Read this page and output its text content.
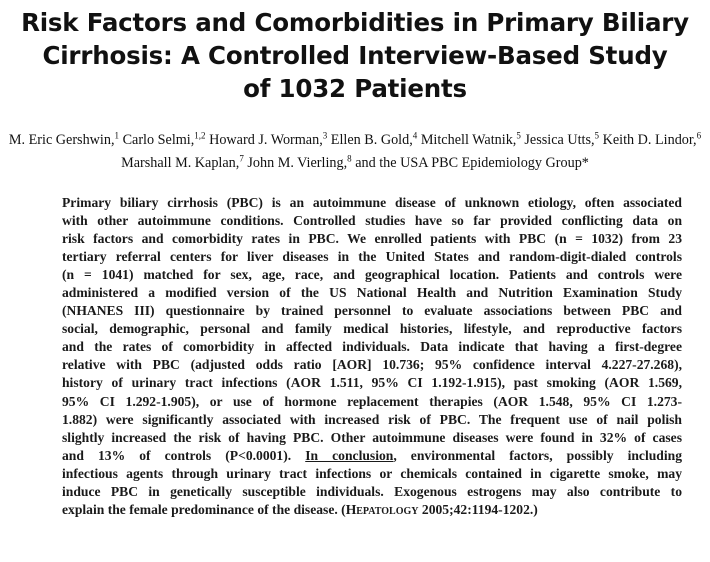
Risk Factors and Comorbidities in Primary Biliary
Cirrhosis: A Controlled Interview-Based Study
of 1032 Patients
M. Eric Gershwin,$^1$ Carlo Selmi,$^{1,2}$ Howard J. Worman,$^3$ Ellen B. Gold,$^4$ Mitchell Watnik,$^5$ Jessica Utts,$^5$ Keith D. Lindor,$^6$
Marshall M. Kaplan,$^7$ John M. Vierling,$^8$ and the USA PBC Epidemiology Group*
Primary biliary cirrhosis (PBC) is an autoimmune disease of unknown etiology, often associated
with other autoimmune conditions. Controlled studies have so far provided conflicting data on
risk factors and comorbidity rates in PBC. We enrolled patients with PBC (n = 1032) from 23
tertiary referral centers for liver diseases in the United States and random-digit-dialed controls
(n = 1041) matched for sex, age, race, and geographical location. Patients and controls were
administered a modified version of the US National Health and Nutrition Examination Study
(NHANES III) questionnaire by trained personnel to evaluate associations between PBC and
social, demographic, personal and family medical histories, lifestyle, and reproductive factors
and the rates of comorbidity in affected individuals. Data indicate that having a first-degree
relative with PBC (adjusted odds ratio [AOR] 10.736; 95% confidence interval 4.227-27.268),
history of urinary tract infections (AOR 1.511, 95% CI 1.192-1.915), past smoking (AOR 1.569,
95% CI 1.292-1.905), or use of hormone replacement therapies (AOR 1.548, 95% CI 1.273-
1.882) were significantly associated with increased risk of PBC. The frequent use of nail polish
slightly increased the risk of having PBC. Other autoimmune diseases were found in 32% of cases
and 13% of controls (P<0.0001). In conclusion, environmental factors, possibly including
infectious agents through urinary tract infections or chemicals contained in cigarette smoke, may
induce PBC in genetically susceptible individuals. Exogenous estrogens may also contribute to
explain the female predominance of the disease. (Hepatology 2005;42:1194-1202.)
